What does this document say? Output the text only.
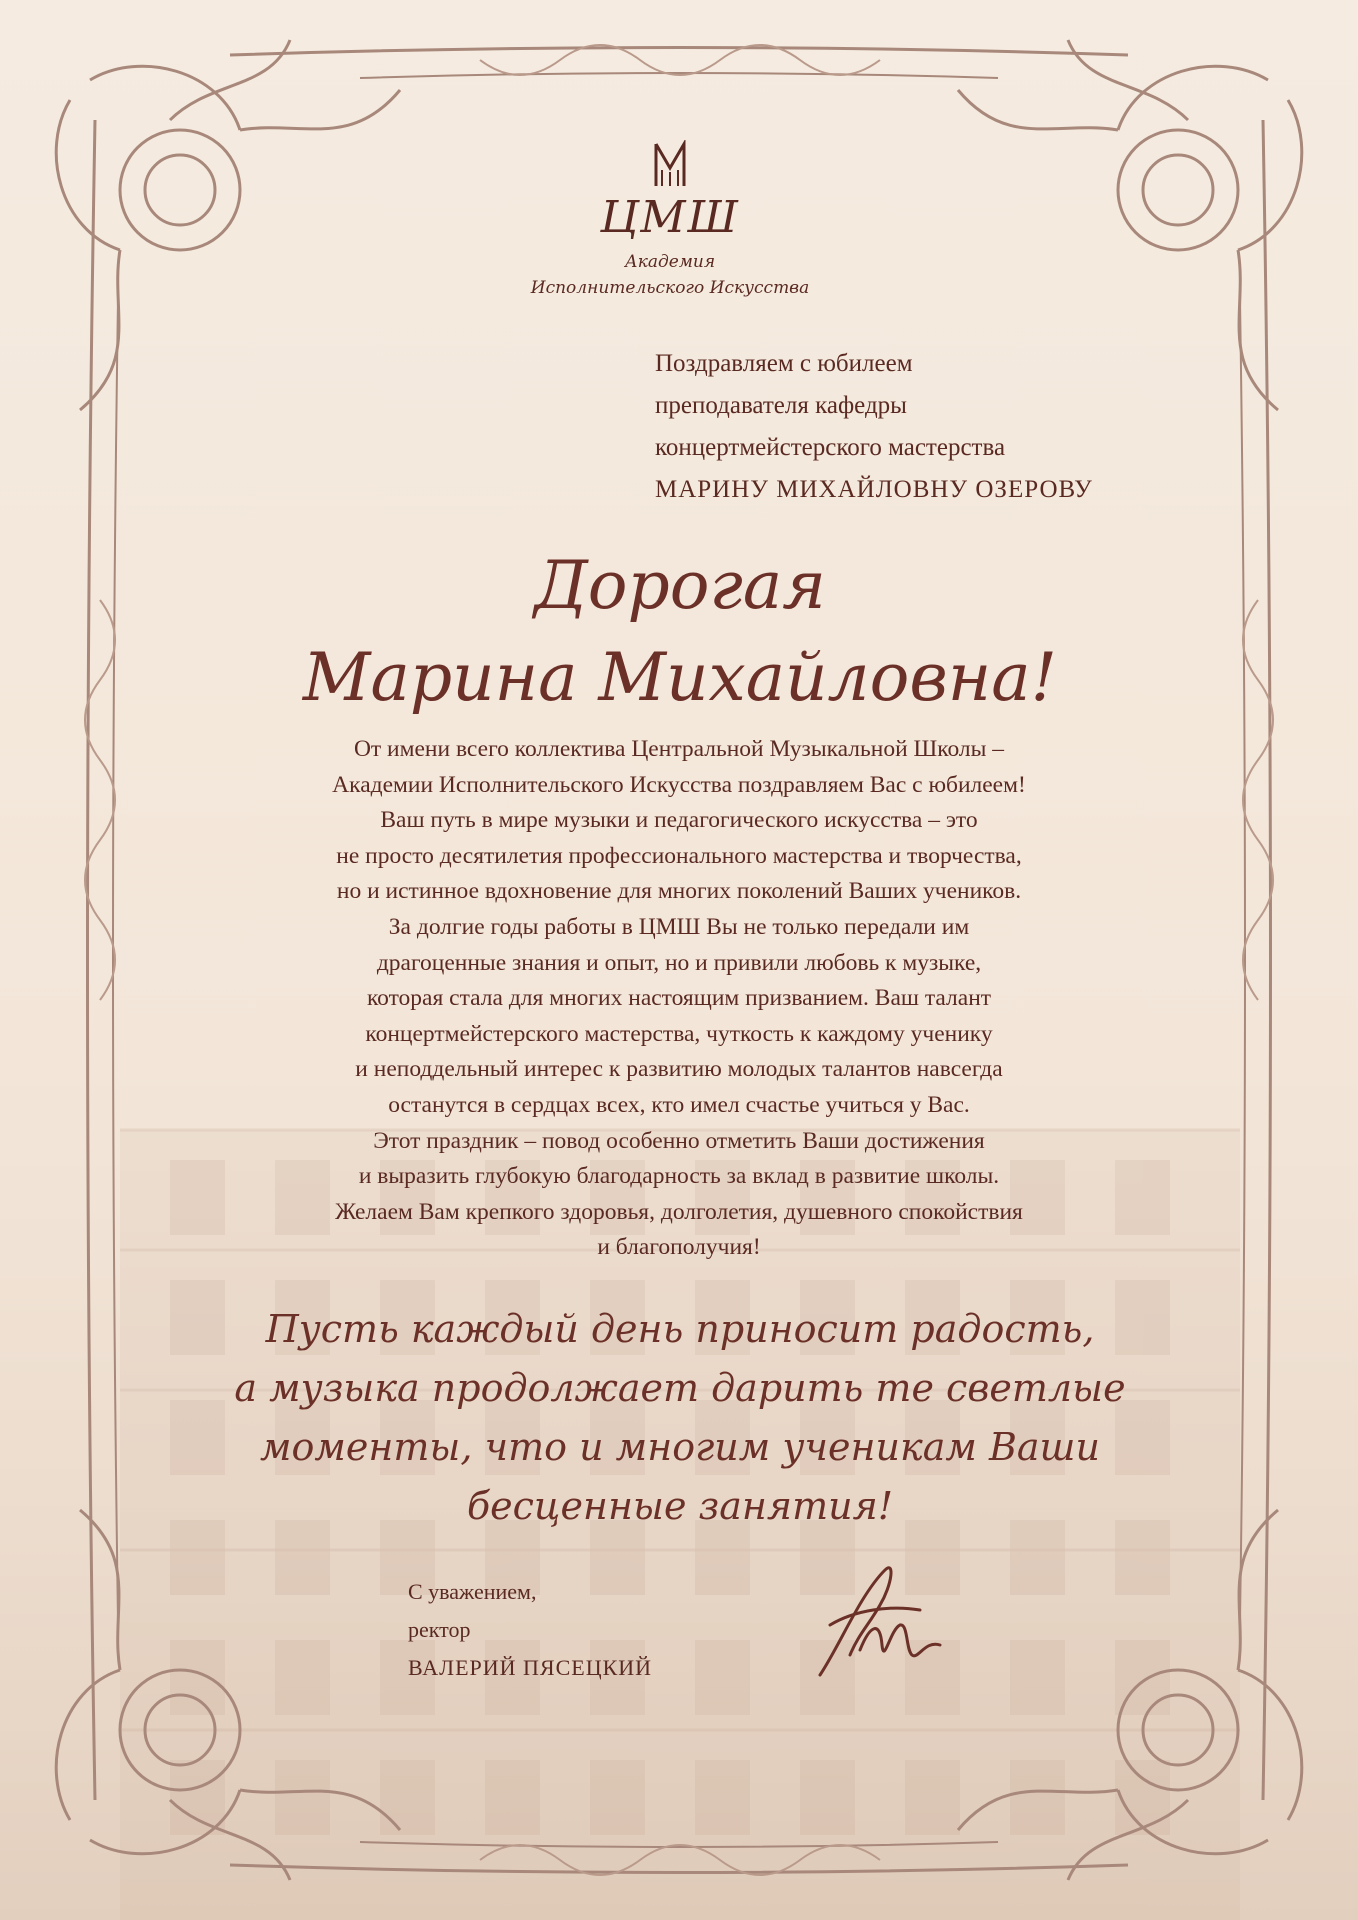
ЦМШ
Академия
Исполнительского Искусства
Поздравляем с юбилеем
преподавателя кафедры
концертмейстерского мастерства
МАРИНУ МИХАЙЛОВНУ ОЗЕРОВУ
Дорогая
Марина Михайловна!
От имени всего коллектива Центральной Музыкальной Школы –
Академии Исполнительского Искусства поздравляем Вас с юбилеем!
Ваш путь в мире музыки и педагогического искусства – это
не просто десятилетия профессионального мастерства и творчества,
но и истинное вдохновение для многих поколений Ваших учеников.
За долгие годы работы в ЦМШ Вы не только передали им
драгоценные знания и опыт, но и привили любовь к музыке,
которая стала для многих настоящим призванием. Ваш талант
концертмейстерского мастерства, чуткость к каждому ученику
и неподдельный интерес к развитию молодых талантов навсегда
останутся в сердцах всех, кто имел счастье учиться у Вас.
Этот праздник – повод особенно отметить Ваши достижения
и выразить глубокую благодарность за вклад в развитие школы.
Желаем Вам крепкого здоровья, долголетия, душевного спокойствия
и благополучия!
Пусть каждый день приносит радость,
а музыка продолжает дарить те светлые
моменты, что и многим ученикам Ваши
бесценные занятия!
С уважением,
ректор
ВАЛЕРИЙ ПЯСЕЦКИЙ
